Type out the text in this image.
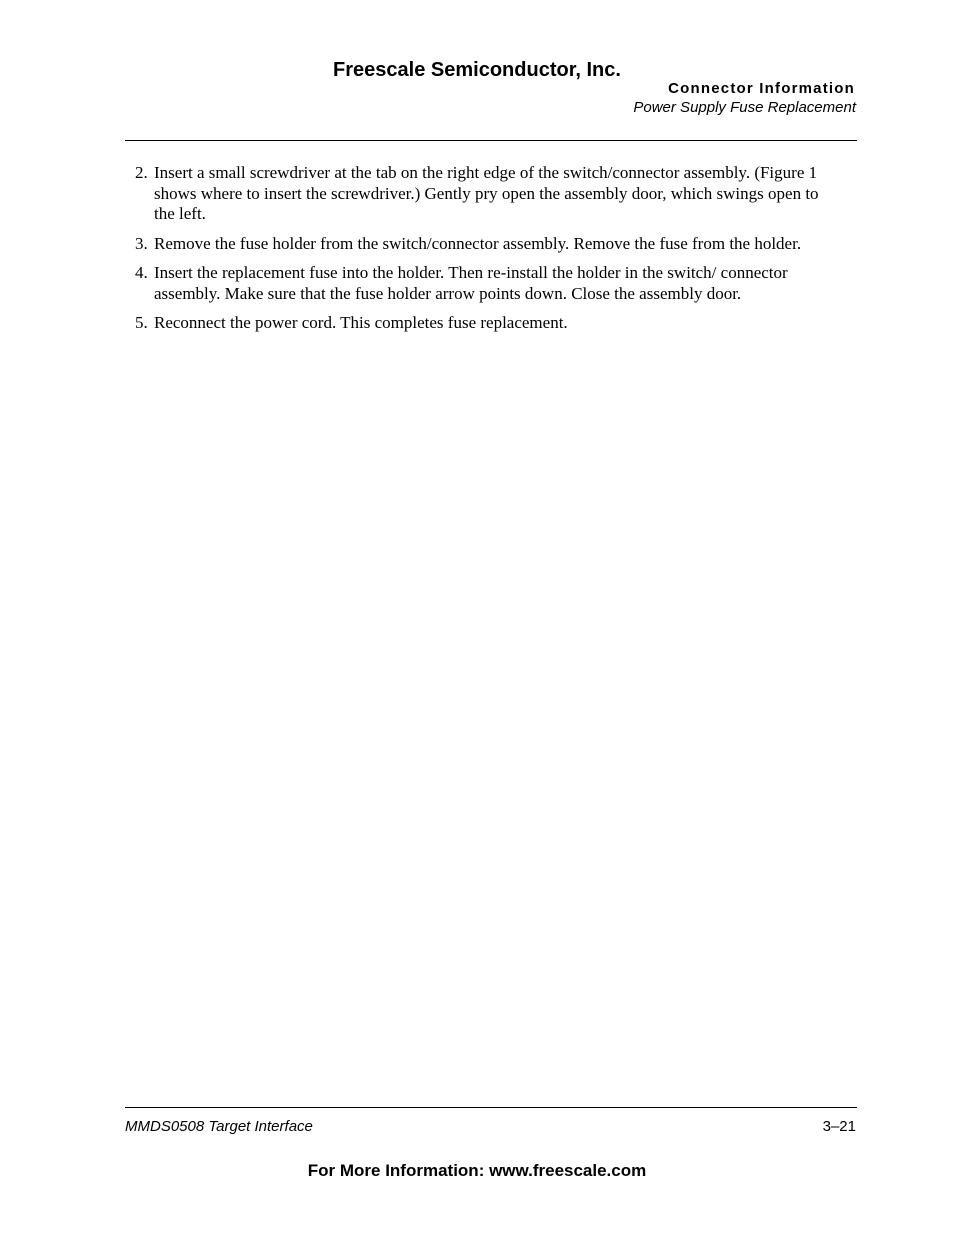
Freescale Semiconductor, Inc.
Connector Information
Power Supply Fuse Replacement
2. Insert a small screwdriver at the tab on the right edge of the switch/connector assembly. (Figure 1 shows where to insert the screwdriver.) Gently pry open the assembly door, which swings open to the left.
3. Remove the fuse holder from the switch/connector assembly. Remove the fuse from the holder.
4. Insert the replacement fuse into the holder. Then re-install the holder in the switch/ connector assembly. Make sure that the fuse holder arrow points down. Close the assembly door.
5. Reconnect the power cord. This completes fuse replacement.
MMDS0508 Target Interface	3–21
For More Information: www.freescale.com
